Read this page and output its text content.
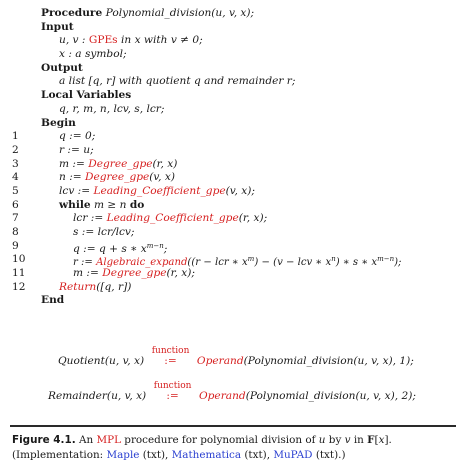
Procedure Polynomial_division(u, v, x);
Input
u, v : GPEs in x with v ≠ 0;
x : a symbol;
Output
a list [q, r] with quotient q and remainder r;
Local Variables
q, r, m, n, lcv, s, lcr;
Begin
1	q := 0;
2	r := u;
3	m := Degree_gpe(r, x)
4	n := Degree_gpe(v, x)
5	lcv := Leading_Coefficient_gpe(v, x);
6	while m ≥ n do
7	lcr := Leading_Coefficient_gpe(r, x);
8	s := lcr/lcv;
9	q := q + s ∗ $x^{m-n}$;
10	r := Algebraic_expand((r − lcr ∗ $x^m) - (v$ − lcv ∗ $x^n$) ∗ s ∗ $x^{m-n}$);
11	m := Degree_gpe(r, x);
12	Return([q, r])
End
Quotient(u, v, x)
function
:= Operand(Polynomial_division(u, v, x), 1);
Remainder(u, v, x)
function
:= Operand(Polynomial_division(u, v, x), 2);
Figure 4.1. An MPL procedure for polynomial division of u by v in F[x]. (Implementation: Maple (txt), Mathematica (txt), MuPAD (txt).)
